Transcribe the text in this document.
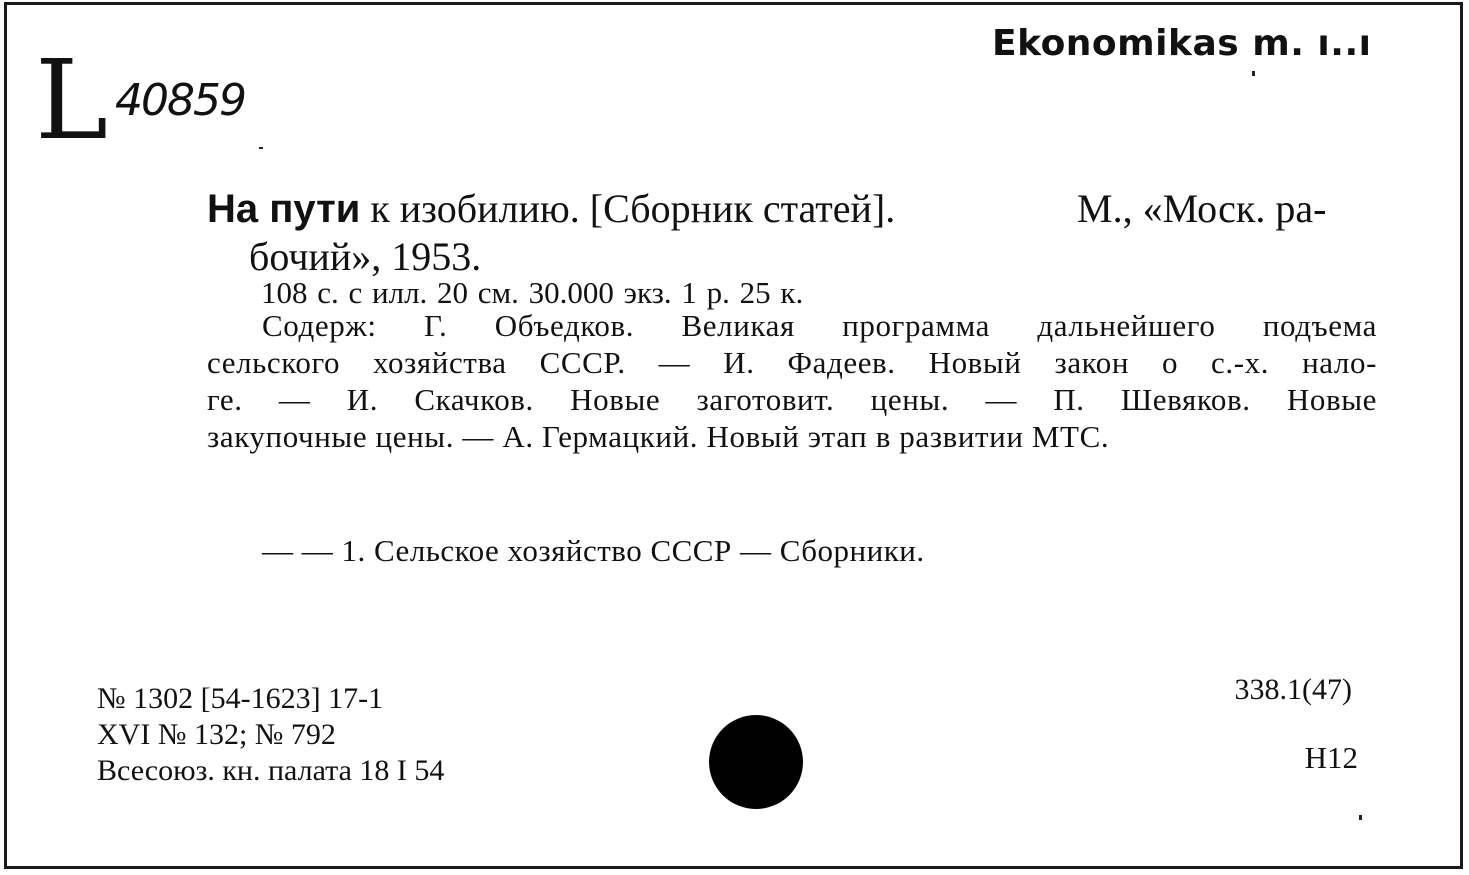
Ekonomikas m. ı..ı
L 40859
На пути к изобилию. [Сборник статей].	М., «Моск. ра-
бочий», 1953.
108 с. с илл. 20 см. 30.000 экз. 1 р. 25 к.
Содерж: Г. Объедков. Великая программа дальнейшего подъема
сельского хозяйства СССР. — И. Фадеев. Новый закон о с.-х. нало-
ге. — И. Скачков. Новые заготовит. цены. — П. Шевяков. Новые
закупочные цены. — А. Гермацкий. Новый этап в развитии МТС.
— — 1. Сельское хозяйство СССР — Сборники.
№ 1302 [54-1623] 17-1
XVI № 132; № 792
Всесоюз. кн. палата 18 I 54
338.1(47)
Н12
